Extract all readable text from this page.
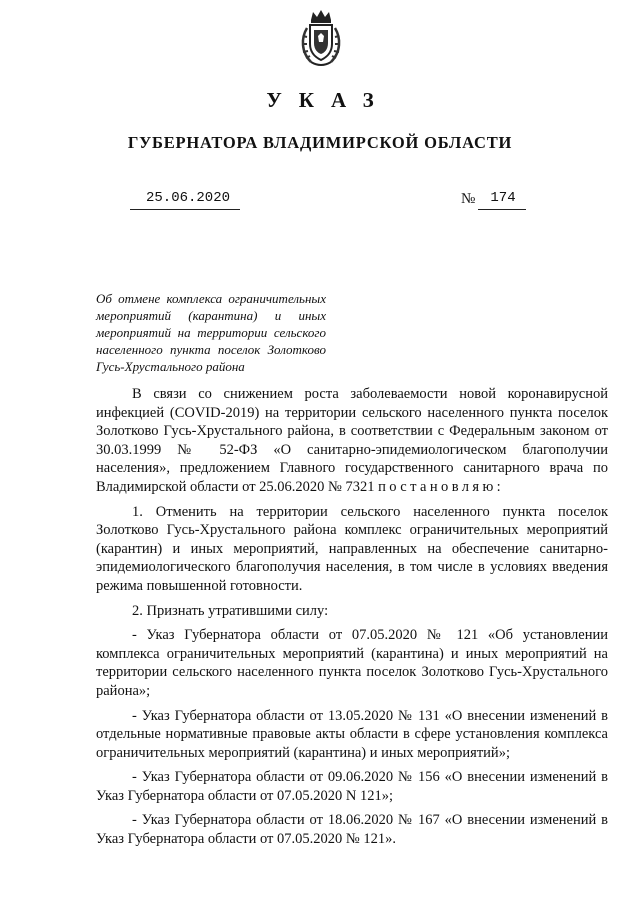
УКАЗ
ГУБЕРНАТОРА ВЛАДИМИРСКОЙ ОБЛАСТИ
25.06.2020	№	174
Об отмене комплекса ограничительных мероприятий (карантина) и иных мероприятий на территории сельского населенного пункта поселок Золотково Гусь-Хрустального района

В связи со снижением роста заболеваемости новой коронавирусной инфекцией (COVID-2019) на территории сельского населенного пункта поселок Золотково Гусь-Хрустального района, в соответствии с Федеральным законом от 30.03.1999 № 52-ФЗ «О санитарно-эпидемиологическом благополучии населения», предложением Главного государственного санитарного врача по Владимирской области от 25.06.2020 № 7321 постановляю:

1. Отменить на территории сельского населенного пункта поселок Золотково Гусь-Хрустального района комплекс ограничительных мероприятий (карантин) и иных мероприятий, направленных на обеспечение санитарно-эпидемиологического благополучия населения, в том числе в условиях введения режима повышенной готовности.

2. Признать утратившими силу:

- Указ Губернатора области от 07.05.2020 № 121 «Об установлении комплекса ограничительных мероприятий (карантина) и иных мероприятий на территории сельского населенного пункта поселок Золотково Гусь-Хрустального района»;

- Указ Губернатора области от 13.05.2020 № 131 «О внесении изменений в отдельные нормативные правовые акты области в сфере установления комплекса ограничительных мероприятий (карантина) и иных мероприятий»;

- Указ Губернатора области от 09.06.2020 № 156 «О внесении изменений в Указ Губернатора области от 07.05.2020 N 121»;

- Указ Губернатора области от 18.06.2020 № 167 «О внесении изменений в Указ Губернатора области от 07.05.2020 № 121».
